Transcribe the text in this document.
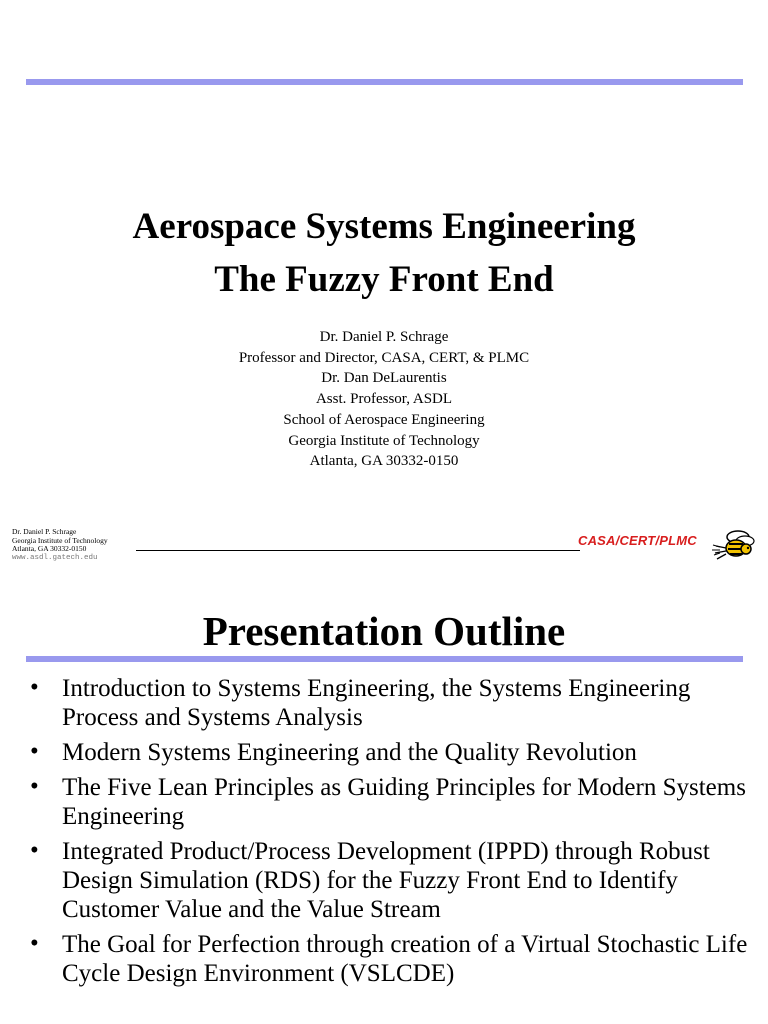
Aerospace Systems Engineering
The Fuzzy Front End
Dr. Daniel P. Schrage
Professor and Director, CASA, CERT, & PLMC
Dr. Dan DeLaurentis
Asst. Professor, ASDL
School of Aerospace Engineering
Georgia Institute of Technology
Atlanta, GA 30332-0150
Dr. Daniel P. Schrage
Georgia Institute of Technology
Atlanta, GA 30332-0150
www.asdl.gatech.edu
CASA/CERT/PLMC
Presentation Outline
• Introduction to Systems Engineering, the Systems Engineering Process and Systems Analysis
• Modern Systems Engineering and the Quality Revolution
• The Five Lean Principles as Guiding Principles for Modern Systems Engineering
• Integrated Product/Process Development (IPPD) through Robust Design Simulation (RDS) for the Fuzzy Front End to Identify Customer Value and the Value Stream
• The Goal for Perfection through creation of a Virtual Stochastic Life Cycle Design Environment (VSLCDE)
